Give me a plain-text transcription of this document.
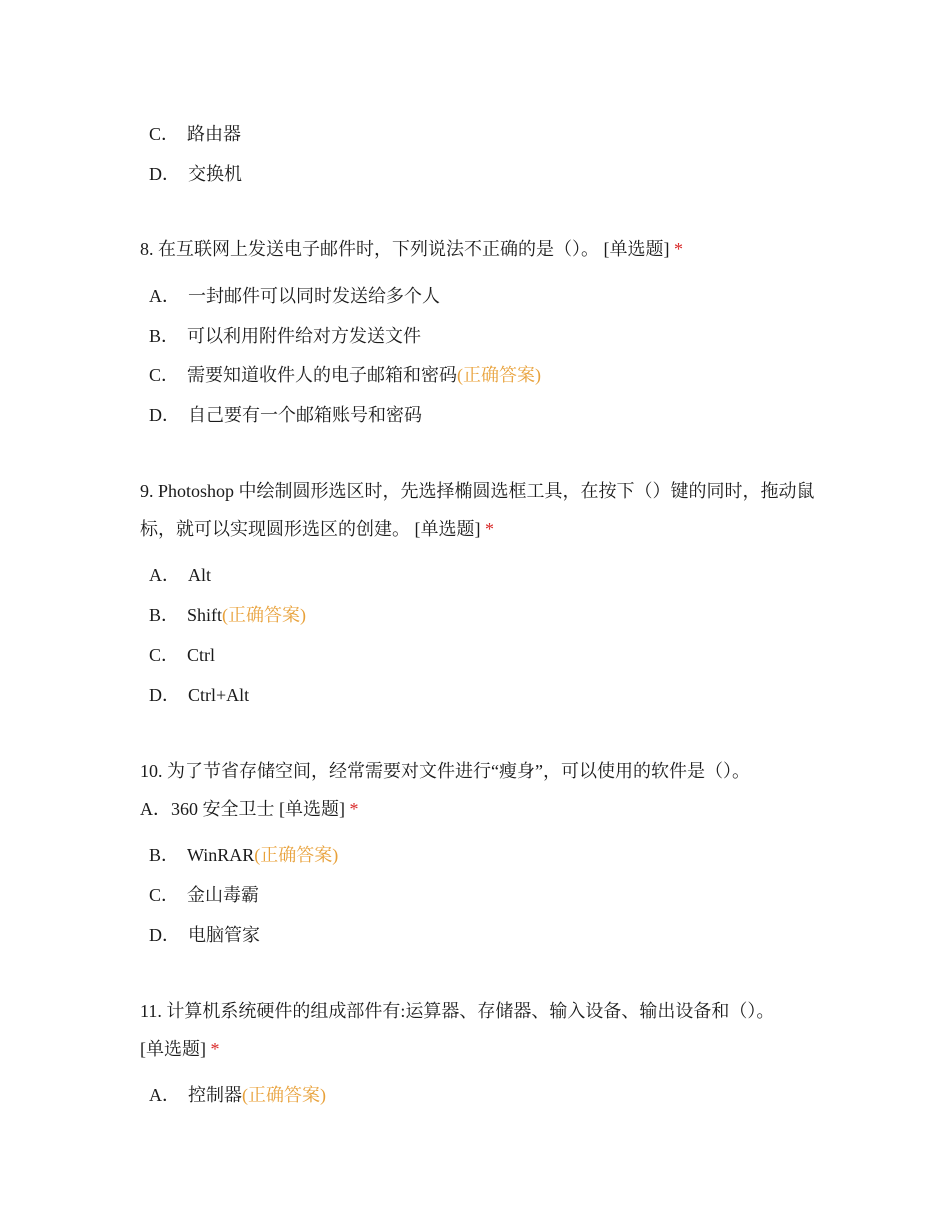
C． 路由器
D． 交换机
8. 在互联网上发送电子邮件时，下列说法不正确的是（）。 [单选题] *
A． 一封邮件可以同时发送给多个人
B． 可以利用附件给对方发送文件
C． 需要知道收件人的电子邮箱和密码(正确答案)
D． 自己要有一个邮箱账号和密码
9. Photoshop 中绘制圆形选区时，先选择椭圆选框工具，在按下（）键的同时，拖动鼠标，就可以实现圆形选区的创建。 [单选题] *
A． Alt
B． Shift(正确答案)
C． Ctrl
D． Ctrl+Alt
10. 为了节省存储空间，经常需要对文件进行“瘦身”，可以使用的软件是（）。
A．360 安全卫士 [单选题] *
B． WinRAR(正确答案)
C． 金山毒霸
D． 电脑管家
11. 计算机系统硬件的组成部件有:运算器、存储器、输入设备、输出设备和（）。
[单选题] *
A． 控制器(正确答案)
